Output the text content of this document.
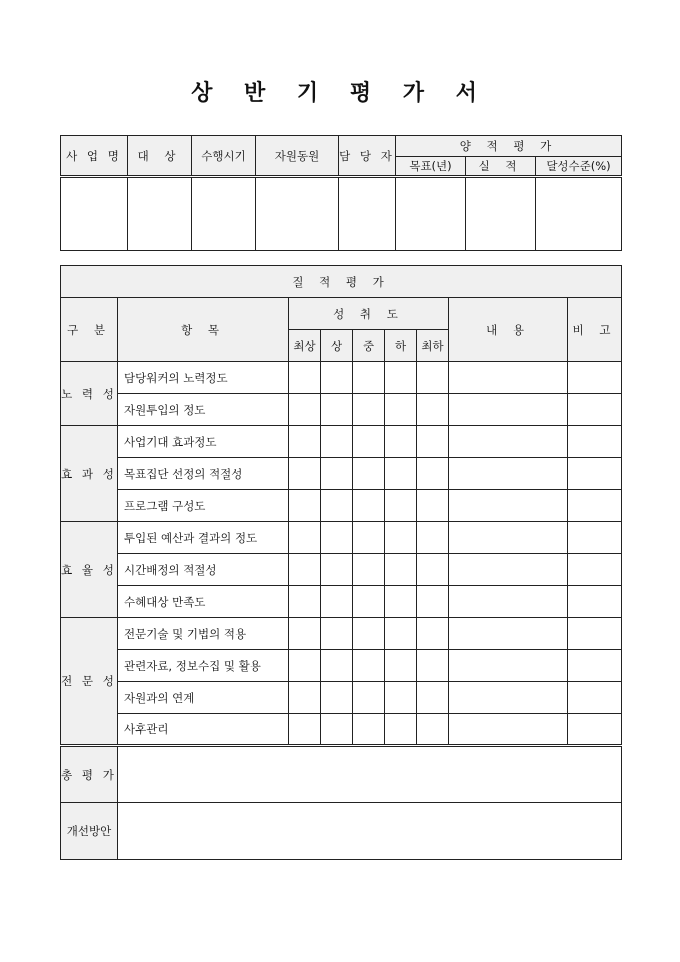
상 반 기 평 가 서
사 업 명	대 상	수행시기	자원동원	담 당 자	양 적 평 가		
					목표(년)	실 적	달성수준(%)

질 적 평 가								
구 분	항 목	성 취 도					내 용	비 고
		최상	상	중	하	최하		
노 력 성	담당워커의 노력정도							
	자원투입의 정도							
효 과 성	사업기대 효과정도							
	목표집단 선정의 적절성							
	프로그램 구성도							
효 율 성	투입된 예산과 결과의 정도							
	시간배정의 적절성							
	수혜대상 만족도							
전 문 성	전문기술 및 기법의 적용							
	관련자료, 정보수집 및 활용							
	자원과의 연계							
	사후관리							
총 평 가								
개선방안								
